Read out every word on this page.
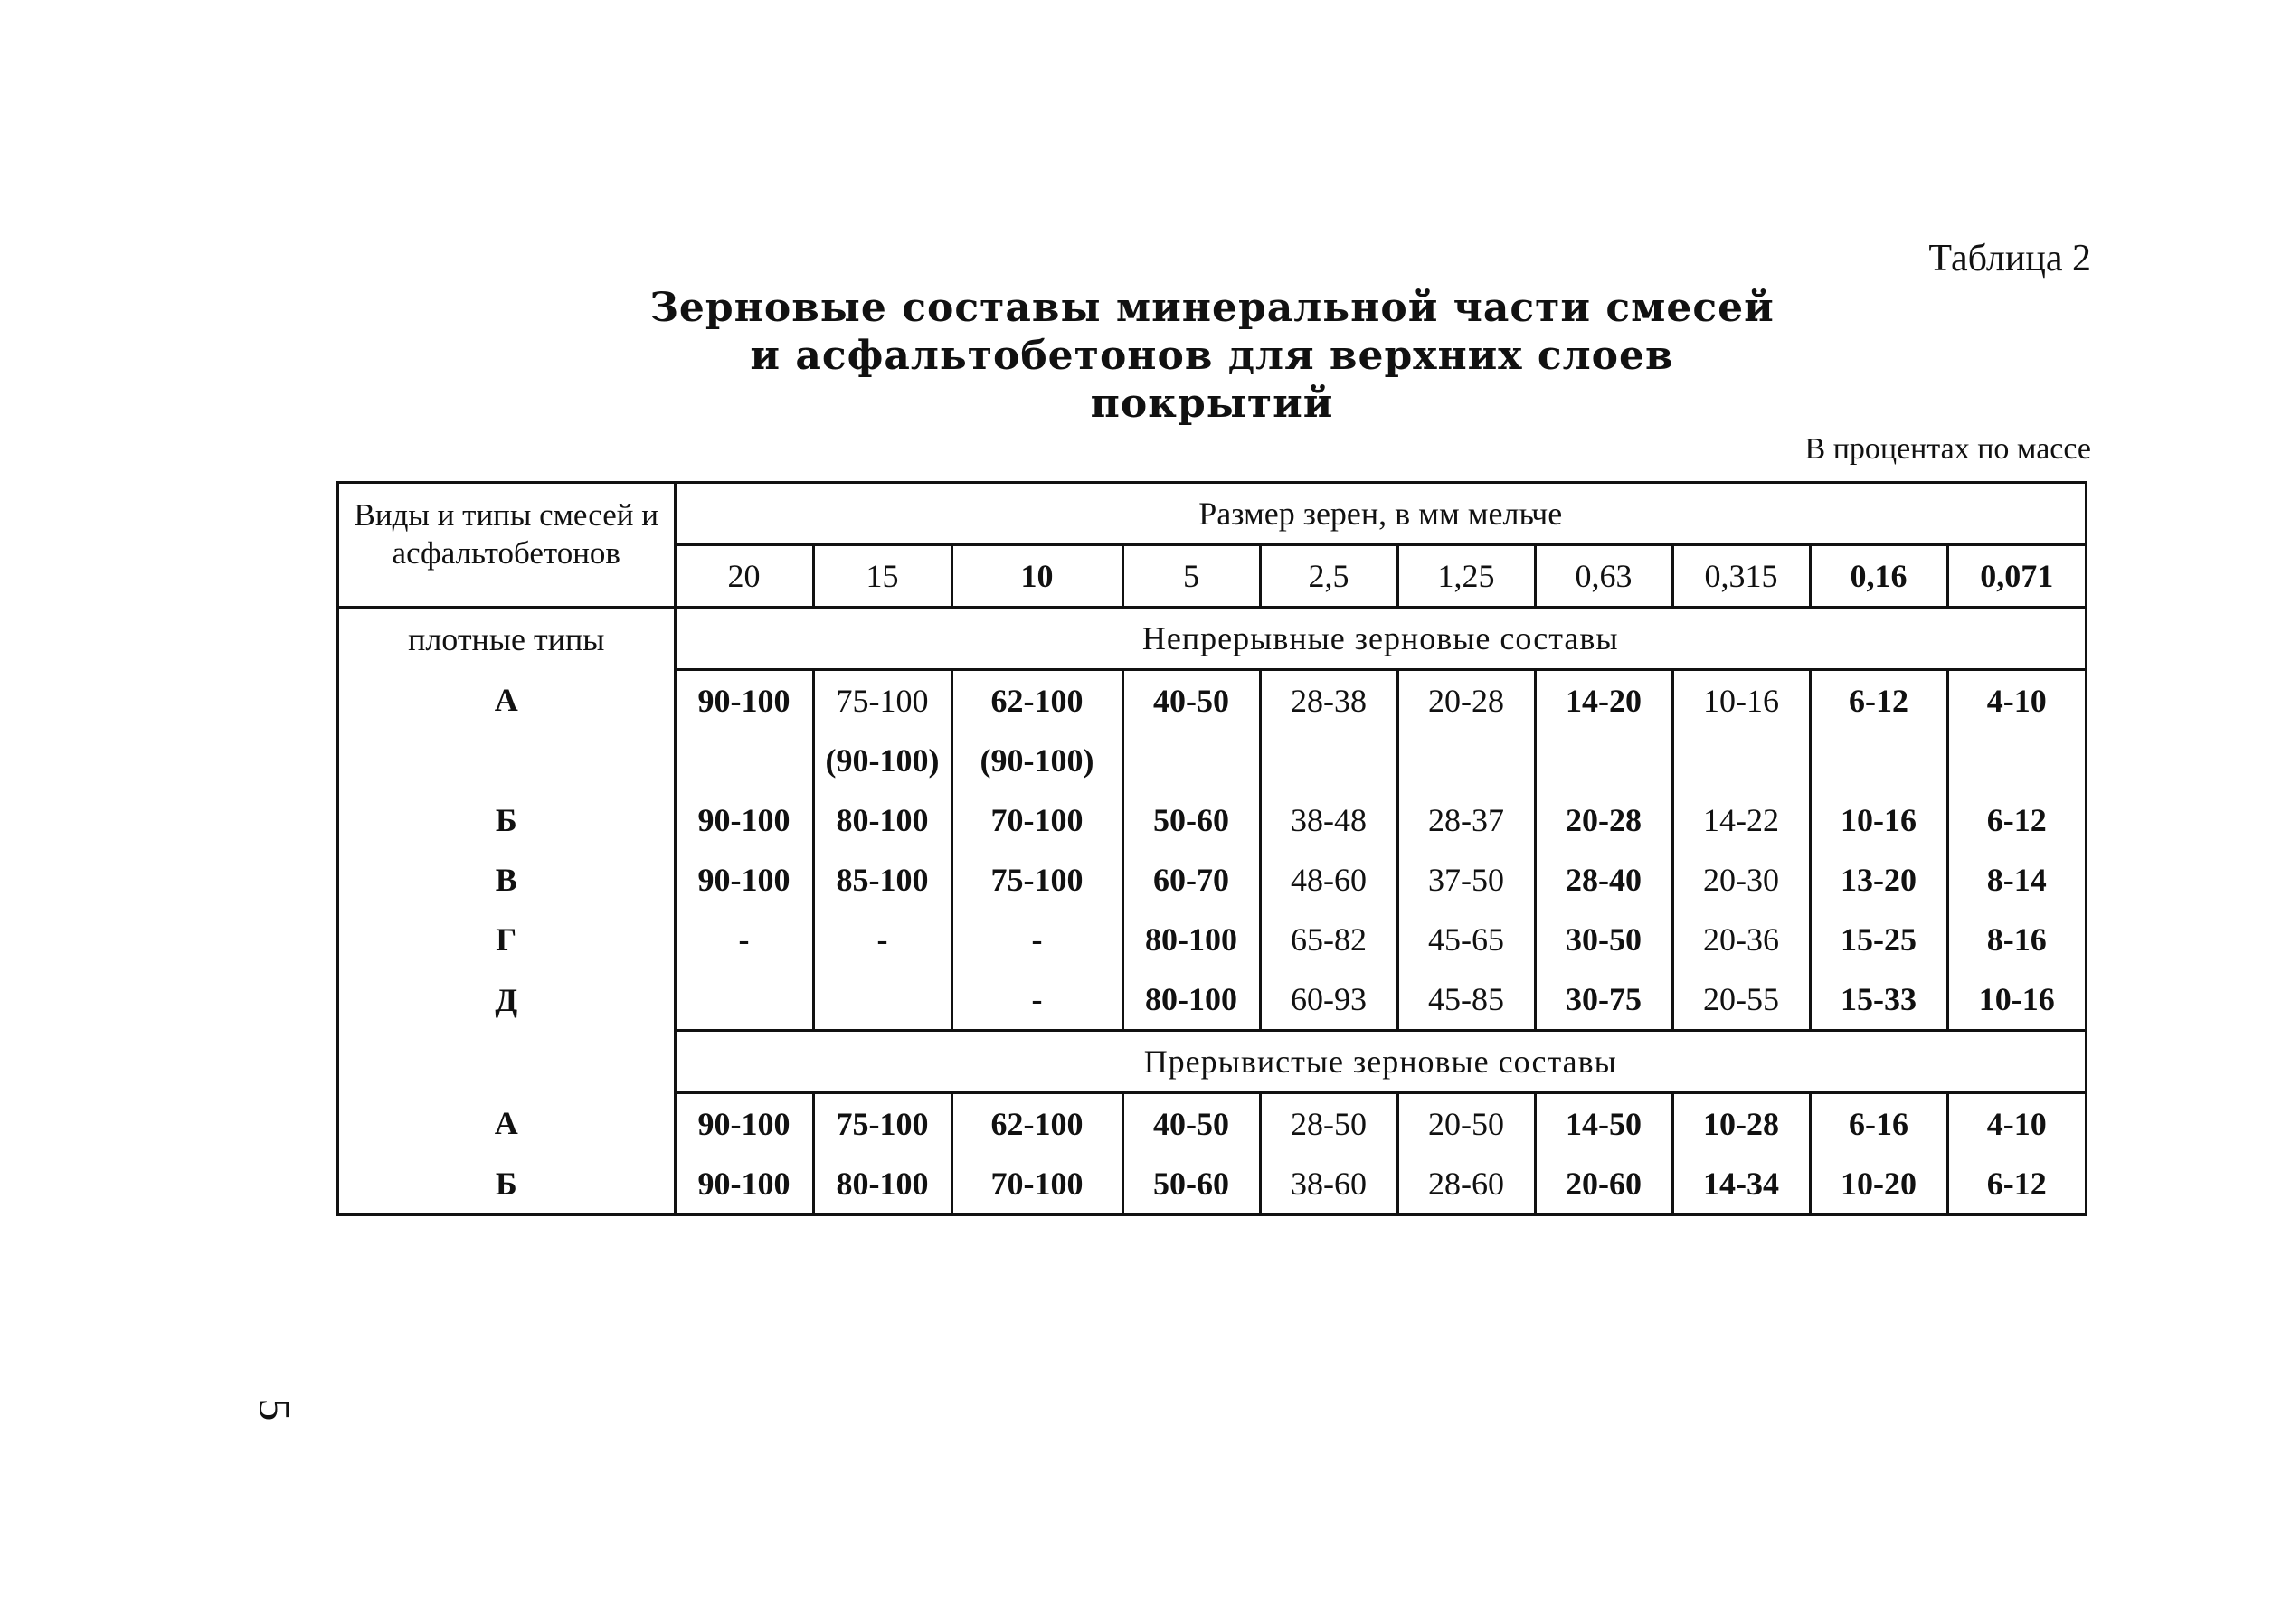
Таблица 2
Зерновые составы минеральной части смесей
и асфальтобетонов для верхних слоев покрытий
В процентах по массе
Виды и типы смесей и асфальтобетонов	Размер зерен, в мм мельче									
	20	15	10	5	2,5	1,25	0,63	0,315	0,16	0,071
плотные типы	Непрерывные зерновые составы									
А	90-100	75-100	62-100	40-50	28-38	20-28	14-20	10-16	6-12	4-10
		(90-100)	(90-100)							
Б	90-100	80-100	70-100	50-60	38-48	28-37	20-28	14-22	10-16	6-12
В	90-100	85-100	75-100	60-70	48-60	37-50	28-40	20-30	13-20	8-14
Г	-	-	-	80-100	65-82	45-65	30-50	20-36	15-25	8-16
Д			-	80-100	60-93	45-85	30-75	20-55	15-33	10-16
	Прерывистые зерновые составы									
А	90-100	75-100	62-100	40-50	28-50	20-50	14-50	10-28	6-16	4-10
Б	90-100	80-100	70-100	50-60	38-60	28-60	20-60	14-34	10-20	6-12
5
